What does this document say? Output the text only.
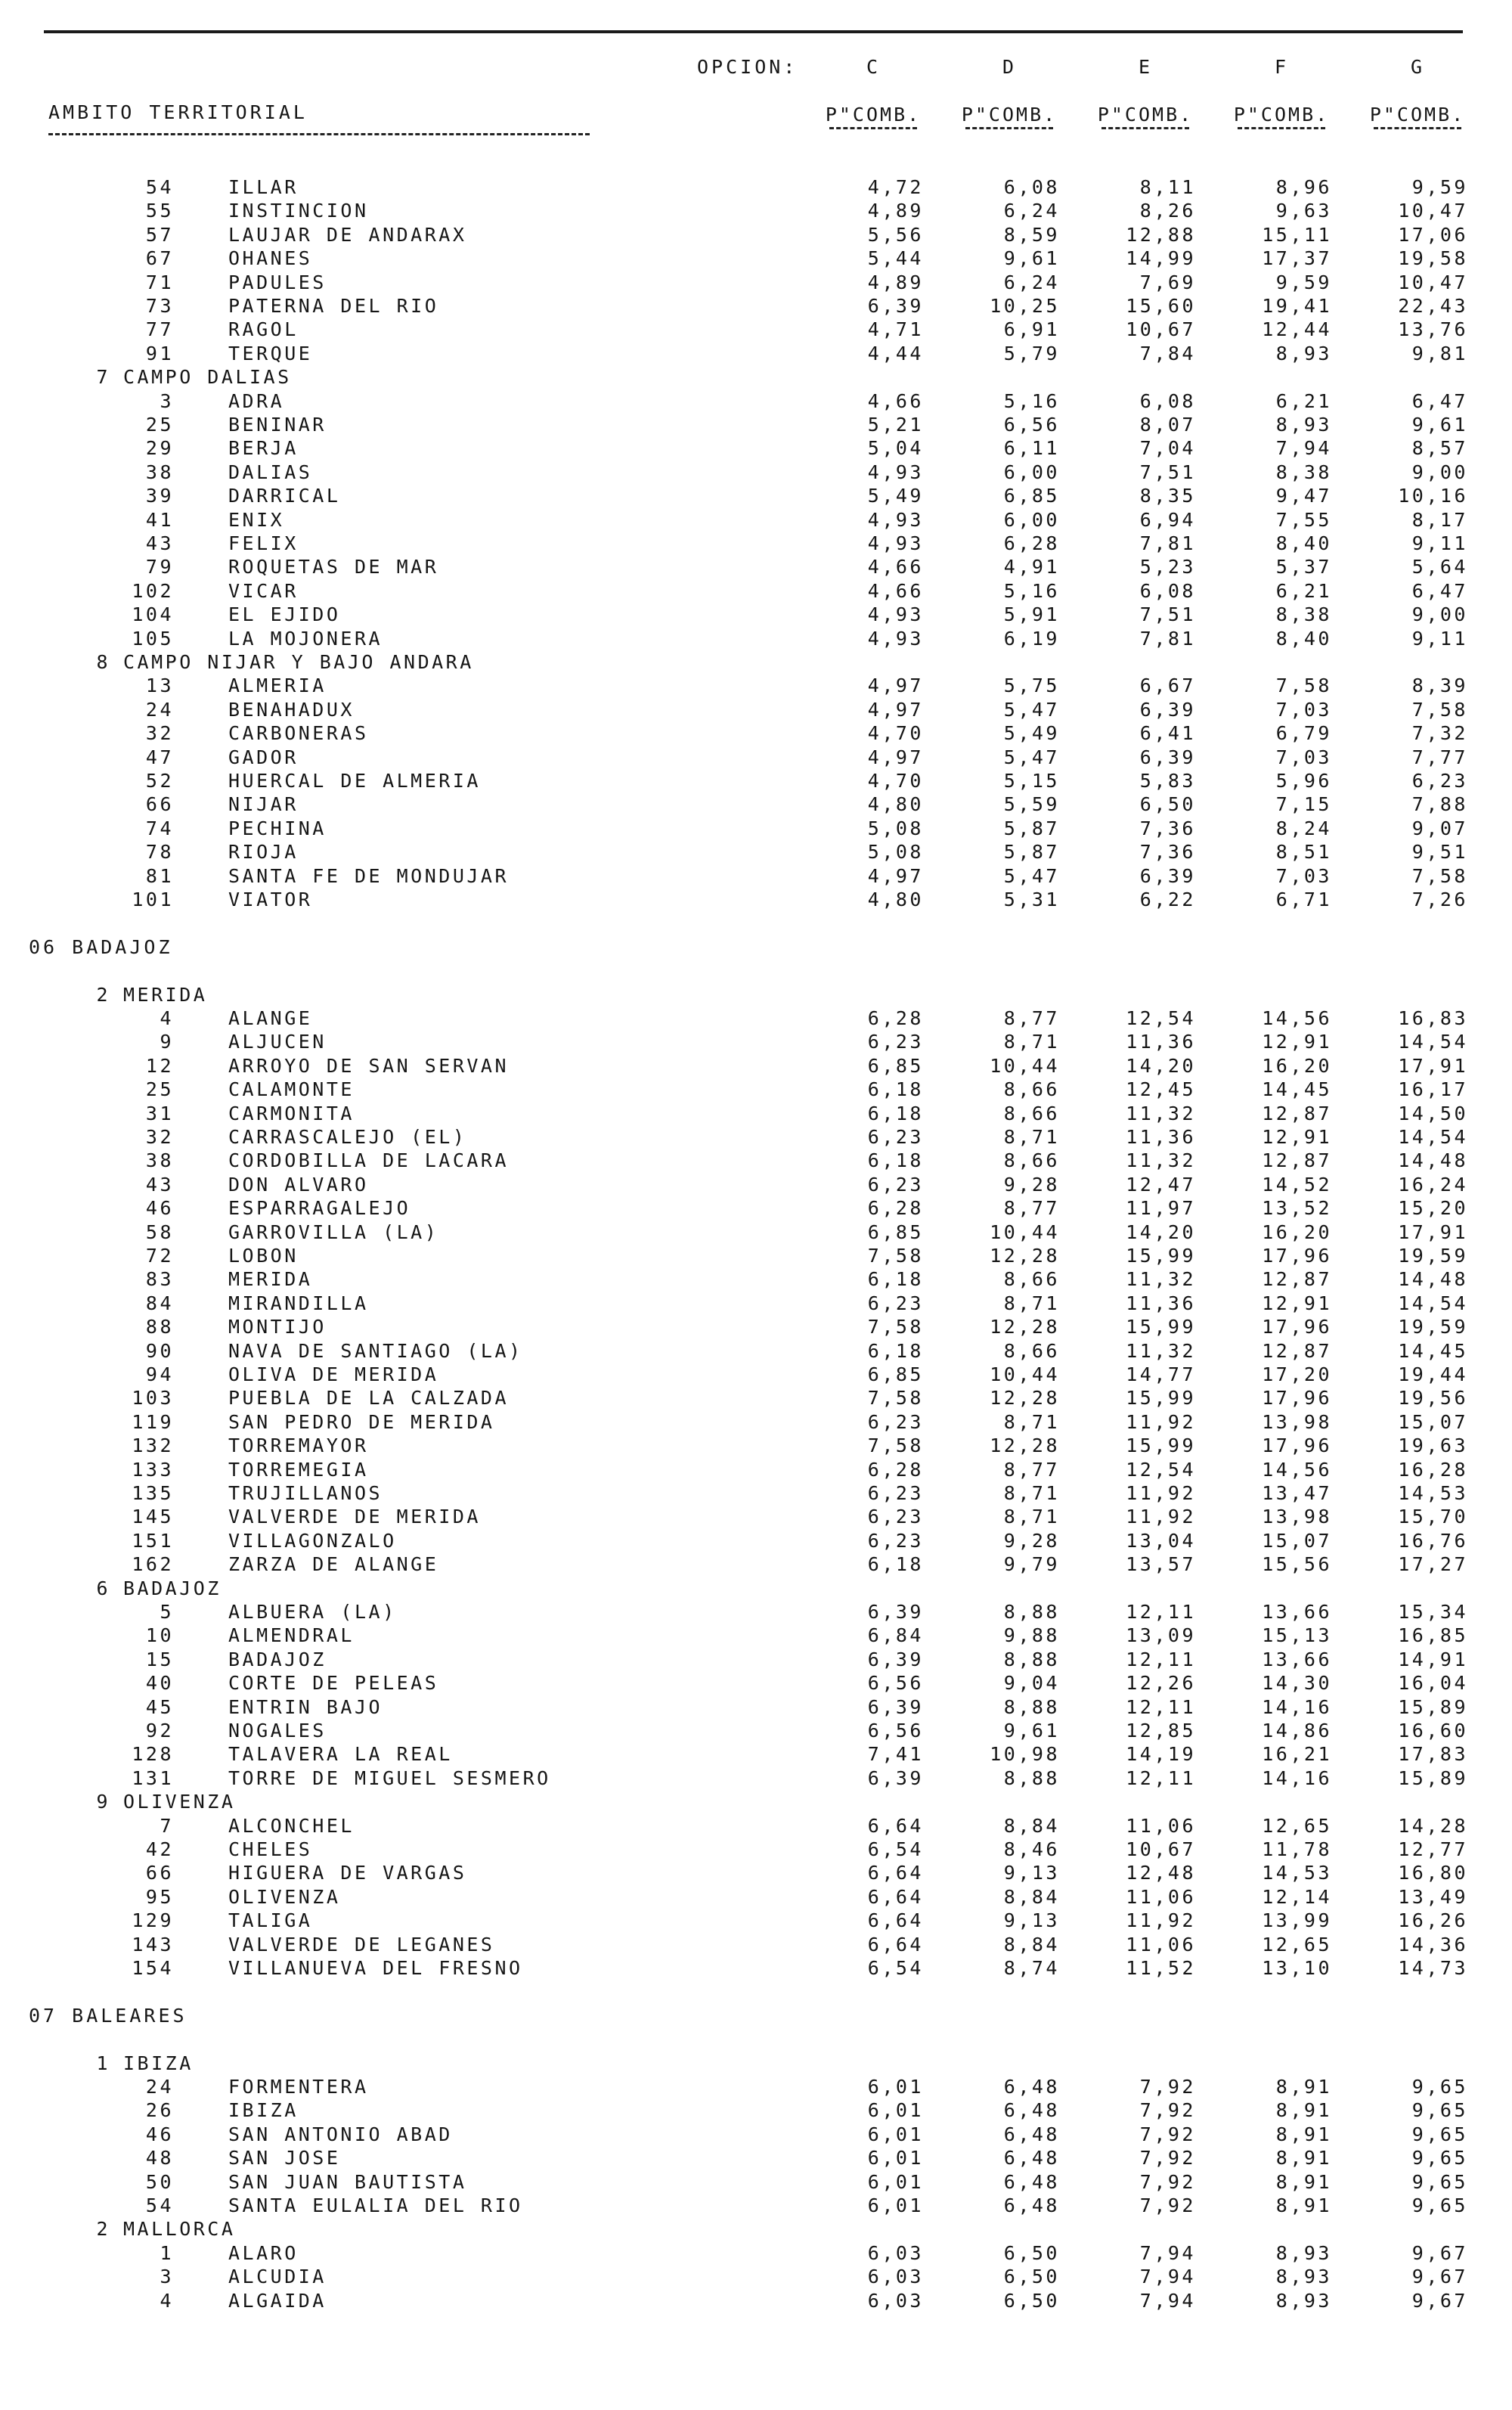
OPCION:	C	D	E	F	G
AMBITO TERRITORIAL	P"COMB.	P"COMB.	P"COMB.	P"COMB.	P"COMB.
54	ILLAR	4,72	6,08	8,11	8,96	9,59
55	INSTINCION	4,89	6,24	8,26	9,63	10,47
57	LAUJAR DE ANDARAX	5,56	8,59	12,88	15,11	17,06
67	OHANES	5,44	9,61	14,99	17,37	19,58
71	PADULES	4,89	6,24	7,69	9,59	10,47
73	PATERNA DEL RIO	6,39	10,25	15,60	19,41	22,43
77	RAGOL	4,71	6,91	10,67	12,44	13,76
91	TERQUE	4,44	5,79	7,84	8,93	9,81
7 CAMPO DALIAS
3	ADRA	4,66	5,16	6,08	6,21	6,47
25	BENINAR	5,21	6,56	8,07	8,93	9,61
29	BERJA	5,04	6,11	7,04	7,94	8,57
38	DALIAS	4,93	6,00	7,51	8,38	9,00
39	DARRICAL	5,49	6,85	8,35	9,47	10,16
41	ENIX	4,93	6,00	6,94	7,55	8,17
43	FELIX	4,93	6,28	7,81	8,40	9,11
79	ROQUETAS DE MAR	4,66	4,91	5,23	5,37	5,64
102	VICAR	4,66	5,16	6,08	6,21	6,47
104	EL EJIDO	4,93	5,91	7,51	8,38	9,00
105	LA MOJONERA	4,93	6,19	7,81	8,40	9,11
8 CAMPO NIJAR Y BAJO ANDARA
13	ALMERIA	4,97	5,75	6,67	7,58	8,39
24	BENAHADUX	4,97	5,47	6,39	7,03	7,58
32	CARBONERAS	4,70	5,49	6,41	6,79	7,32
47	GADOR	4,97	5,47	6,39	7,03	7,77
52	HUERCAL DE ALMERIA	4,70	5,15	5,83	5,96	6,23
66	NIJAR	4,80	5,59	6,50	7,15	7,88
74	PECHINA	5,08	5,87	7,36	8,24	9,07
78	RIOJA	5,08	5,87	7,36	8,51	9,51
81	SANTA FE DE MONDUJAR	4,97	5,47	6,39	7,03	7,58
101	VIATOR	4,80	5,31	6,22	6,71	7,26
06 BADAJOZ
2 MERIDA
4	ALANGE	6,28	8,77	12,54	14,56	16,83
9	ALJUCEN	6,23	8,71	11,36	12,91	14,54
12	ARROYO DE SAN SERVAN	6,85	10,44	14,20	16,20	17,91
25	CALAMONTE	6,18	8,66	12,45	14,45	16,17
31	CARMONITA	6,18	8,66	11,32	12,87	14,50
32	CARRASCALEJO (EL)	6,23	8,71	11,36	12,91	14,54
38	CORDOBILLA DE LACARA	6,18	8,66	11,32	12,87	14,48
43	DON ALVARO	6,23	9,28	12,47	14,52	16,24
46	ESPARRAGALEJO	6,28	8,77	11,97	13,52	15,20
58	GARROVILLA (LA)	6,85	10,44	14,20	16,20	17,91
72	LOBON	7,58	12,28	15,99	17,96	19,59
83	MERIDA	6,18	8,66	11,32	12,87	14,48
84	MIRANDILLA	6,23	8,71	11,36	12,91	14,54
88	MONTIJO	7,58	12,28	15,99	17,96	19,59
90	NAVA DE SANTIAGO (LA)	6,18	8,66	11,32	12,87	14,45
94	OLIVA DE MERIDA	6,85	10,44	14,77	17,20	19,44
103	PUEBLA DE LA CALZADA	7,58	12,28	15,99	17,96	19,56
119	SAN PEDRO DE MERIDA	6,23	8,71	11,92	13,98	15,07
132	TORREMAYOR	7,58	12,28	15,99	17,96	19,63
133	TORREMEGIA	6,28	8,77	12,54	14,56	16,28
135	TRUJILLANOS	6,23	8,71	11,92	13,47	14,53
145	VALVERDE DE MERIDA	6,23	8,71	11,92	13,98	15,70
151	VILLAGONZALO	6,23	9,28	13,04	15,07	16,76
162	ZARZA DE ALANGE	6,18	9,79	13,57	15,56	17,27
6 BADAJOZ
5	ALBUERA (LA)	6,39	8,88	12,11	13,66	15,34
10	ALMENDRAL	6,84	9,88	13,09	15,13	16,85
15	BADAJOZ	6,39	8,88	12,11	13,66	14,91
40	CORTE DE PELEAS	6,56	9,04	12,26	14,30	16,04
45	ENTRIN BAJO	6,39	8,88	12,11	14,16	15,89
92	NOGALES	6,56	9,61	12,85	14,86	16,60
128	TALAVERA LA REAL	7,41	10,98	14,19	16,21	17,83
131	TORRE DE MIGUEL SESMERO	6,39	8,88	12,11	14,16	15,89
9 OLIVENZA
7	ALCONCHEL	6,64	8,84	11,06	12,65	14,28
42	CHELES	6,54	8,46	10,67	11,78	12,77
66	HIGUERA DE VARGAS	6,64	9,13	12,48	14,53	16,80
95	OLIVENZA	6,64	8,84	11,06	12,14	13,49
129	TALIGA	6,64	9,13	11,92	13,99	16,26
143	VALVERDE DE LEGANES	6,64	8,84	11,06	12,65	14,36
154	VILLANUEVA DEL FRESNO	6,54	8,74	11,52	13,10	14,73
07 BALEARES
1 IBIZA
24	FORMENTERA	6,01	6,48	7,92	8,91	9,65
26	IBIZA	6,01	6,48	7,92	8,91	9,65
46	SAN ANTONIO ABAD	6,01	6,48	7,92	8,91	9,65
48	SAN JOSE	6,01	6,48	7,92	8,91	9,65
50	SAN JUAN BAUTISTA	6,01	6,48	7,92	8,91	9,65
54	SANTA EULALIA DEL RIO	6,01	6,48	7,92	8,91	9,65
2 MALLORCA
1	ALARO	6,03	6,50	7,94	8,93	9,67
3	ALCUDIA	6,03	6,50	7,94	8,93	9,67
4	ALGAIDA	6,03	6,50	7,94	8,93	9,67
